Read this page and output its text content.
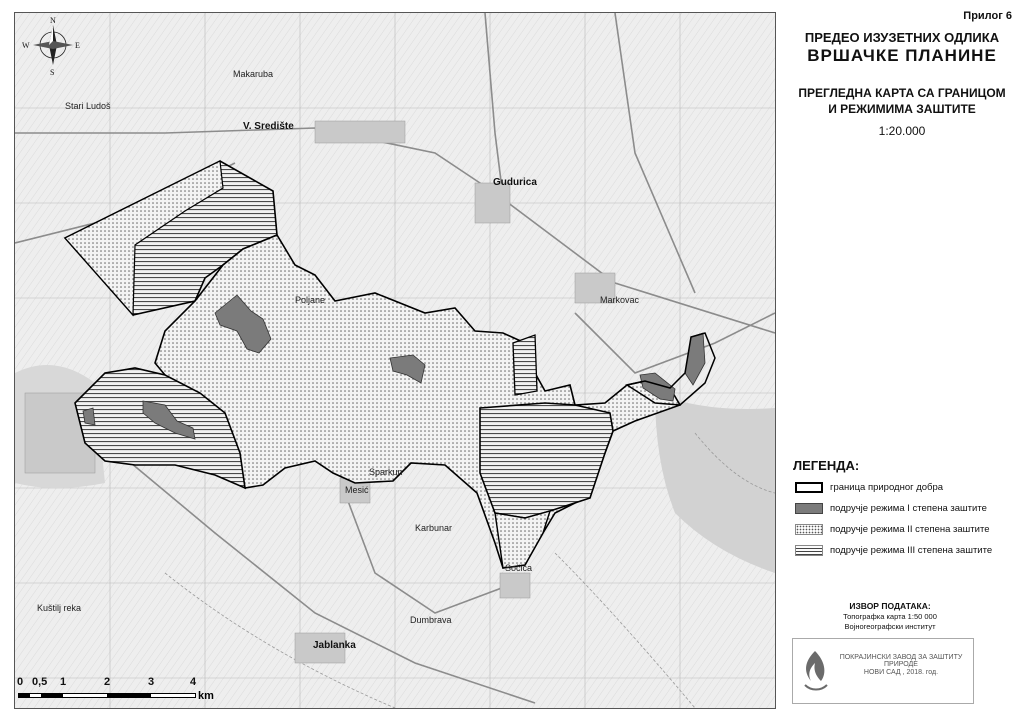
V. Središte
Gudurica
Markovac
Mesić
Sočica
Jablanka
Stari Ludoš
Kuštilj reka
Dumbrava
Makaruba
Poljane
Sparkun
Karbunar
N
S
E
W
0 0,5 1	2	3	4
km
Прилог 6
ПРЕДЕО ИЗУЗЕТНИХ ОДЛИКА
ВРШАЧКЕ ПЛАНИНЕ
ПРЕГЛЕДНА КАРТА СА ГРАНИЦОМ
И РЕЖИМИМА ЗАШТИТЕ
1:20.000
ЛЕГЕНДА:
граница природног добра
подручје режима I степена заштите
подручје режима II степена заштите
подручје режима III степена заштите
ИЗВОР ПОДАТАКА:
Топографка карта 1:50 000
Војногеографски институт
ПОКРАЈИНСКИ ЗАВОД ЗА ЗАШТИТУ ПРИРОДЕ
НОВИ САД , 2018. год.
